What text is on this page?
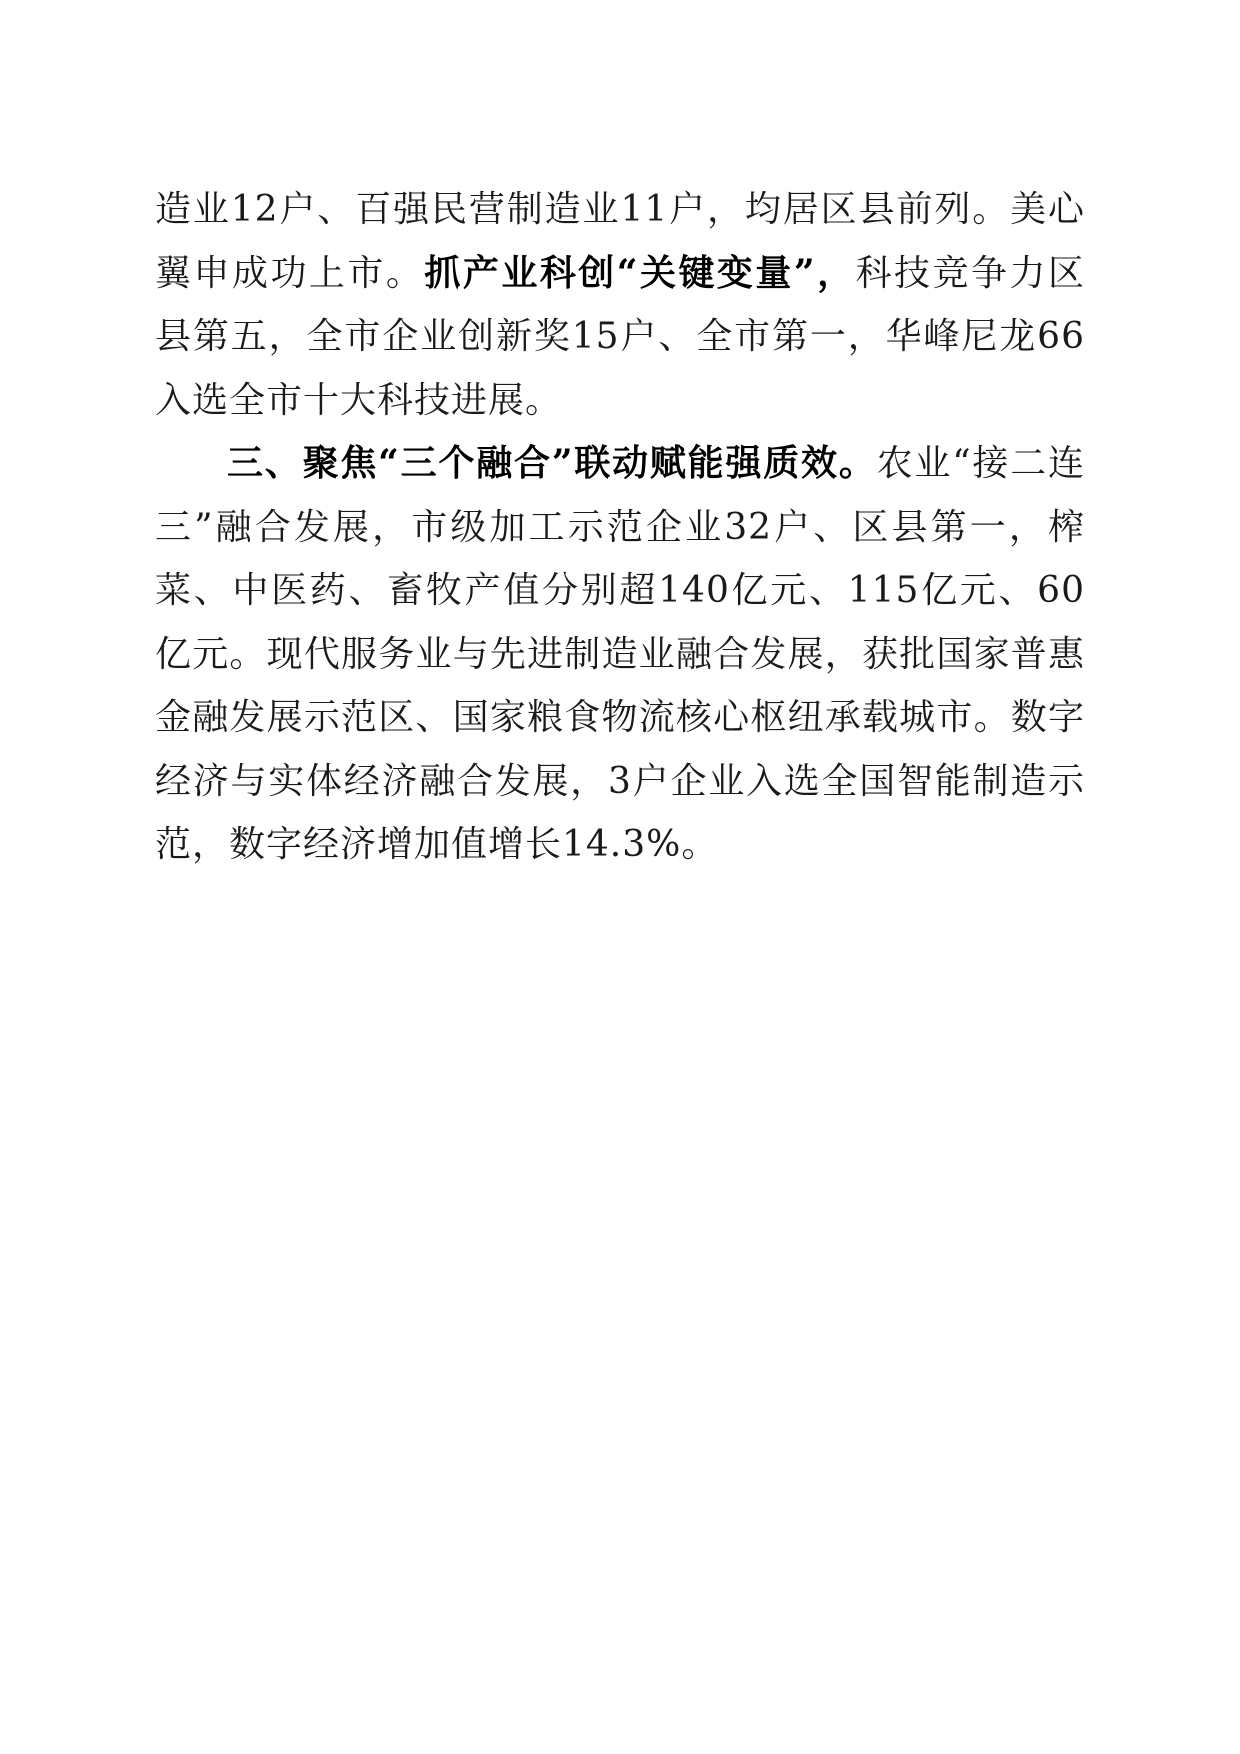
造业12户、百强民营制造业11户，均居区县前列。美心翼申成功上市。抓产业科创“关键变量”，科技竞争力区县第五，全市企业创新奖15户、全市第一，华峰尼龙66入选全市十大科技进展。

三、聚焦“三个融合”联动赋能强质效。农业“接二连三”融合发展，市级加工示范企业32户、区县第一，榨菜、中医药、畜牧产值分别超140亿元、115亿元、60亿元。现代服务业与先进制造业融合发展，获批国家普惠金融发展示范区、国家粮食物流核心枢纽承载城市。数字经济与实体经济融合发展，3户企业入选全国智能制造示范，数字经济增加值增长14.3%。
